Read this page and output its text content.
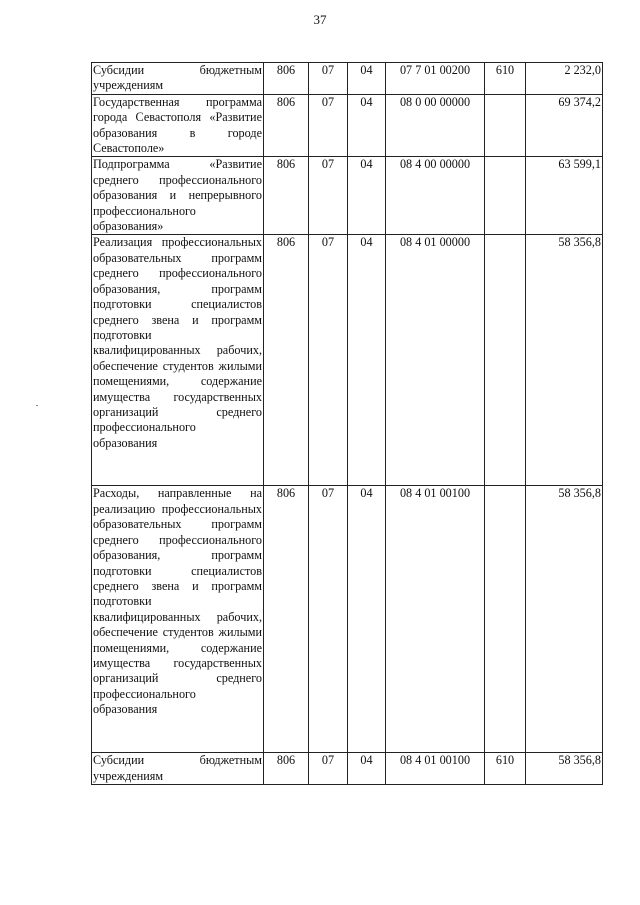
37
Субсидии бюджетным учреждениям	806	07	04	07 7 01 00200	610	2 232,0
Государственная программа города Севастополя «Развитие образования в городе Севастополе»	806	07	04	08 0 00 00000		69 374,2
Подпрограмма «Развитие среднего профессионального образования и непрерывного профессионального образования»	806	07	04	08 4 00 00000		63 599,1
Реализация профессиональных образовательных программ среднего профессионального образования, программ подготовки специалистов среднего звена и программ подготовки квалифицированных рабочих, обеспечение студентов жилыми помещениями, содержание имущества государственных организаций среднего профессионального образования	806	07	04	08 4 01 00000		58 356,8
Расходы, направленные на реализацию профессиональных образовательных программ среднего профессионального образования, программ подготовки специалистов среднего звена и программ подготовки квалифицированных рабочих, обеспечение студентов жилыми помещениями, содержание имущества государственных организаций среднего профессионального образования	806	07	04	08 4 01 00100		58 356,8
Субсидии бюджетным учреждениям	806	07	04	08 4 01 00100	610	58 356,8
